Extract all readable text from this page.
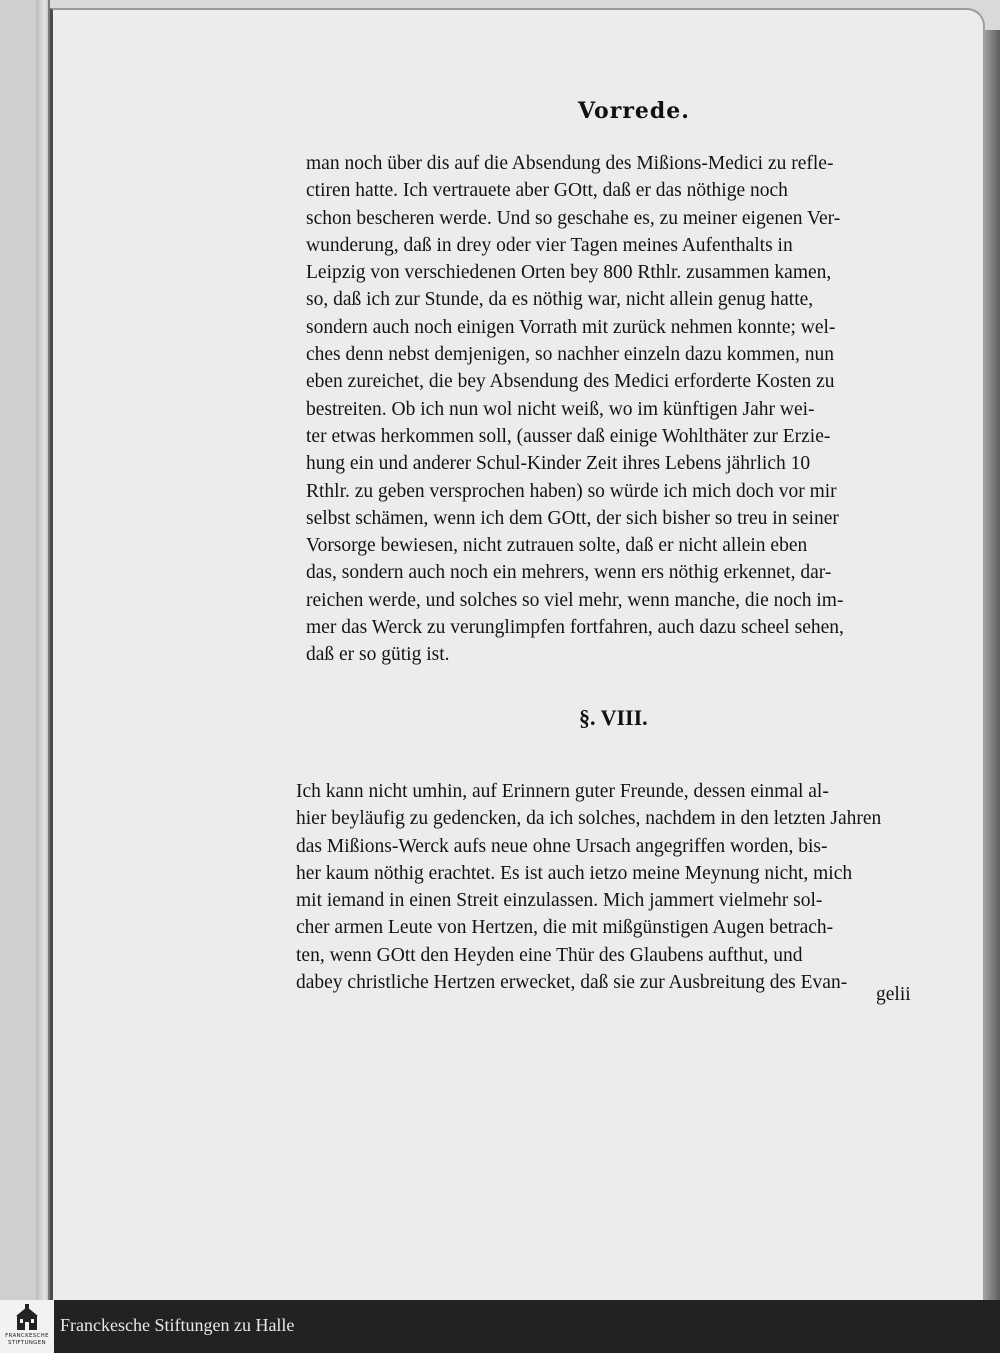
Vorrede.
man noch über dis auf die Absendung des Mißions-Medici zu refle-
ctiren hatte. Ich vertrauete aber GOtt, daß er das nöthige noch
schon bescheren werde. Und so geschahe es, zu meiner eigenen Ver-
wunderung, daß in drey oder vier Tagen meines Aufenthalts in
Leipzig von verschiedenen Orten bey 800 Rthlr. zusammen kamen,
so, daß ich zur Stunde, da es nöthig war, nicht allein genug hatte,
sondern auch noch einigen Vorrath mit zurück nehmen konnte; wel-
ches denn nebst demjenigen, so nachher einzeln dazu kommen, nun
eben zureichet, die bey Absendung des Medici erforderte Kosten zu
bestreiten. Ob ich nun wol nicht weiß, wo im künftigen Jahr wei-
ter etwas herkommen soll, (ausser daß einige Wohlthäter zur Erzie-
hung ein und anderer Schul-Kinder Zeit ihres Lebens jährlich 10
Rthlr. zu geben versprochen haben) so würde ich mich doch vor mir
selbst schämen, wenn ich dem GOtt, der sich bisher so treu in seiner
Vorsorge bewiesen, nicht zutrauen solte, daß er nicht allein eben
das, sondern auch noch ein mehrers, wenn ers nöthig erkennet, dar-
reichen werde, und solches so viel mehr, wenn manche, die noch im-
mer das Werck zu verunglimpfen fortfahren, auch dazu scheel sehen,
daß er so gütig ist.
§. VIII.
Ich kann nicht umhin, auf Erinnern guter Freunde, dessen einmal al-
hier beyläufig zu gedencken, da ich solches, nachdem in den letzten Jahren
das Mißions-Werck aufs neue ohne Ursach angegriffen worden, bis-
her kaum nöthig erachtet. Es ist auch ietzo meine Meynung nicht, mich
mit iemand in einen Streit einzulassen. Mich jammert vielmehr sol-
cher armen Leute von Hertzen, die mit mißgünstigen Augen betrach-
ten, wenn GOtt den Heyden eine Thür des Glaubens aufthut, und
dabey christliche Hertzen erwecket, daß sie zur Ausbreitung des Evan-
gelii
FRANCKESCHE STIFTUNGEN
Franckesche Stiftungen zu Halle
